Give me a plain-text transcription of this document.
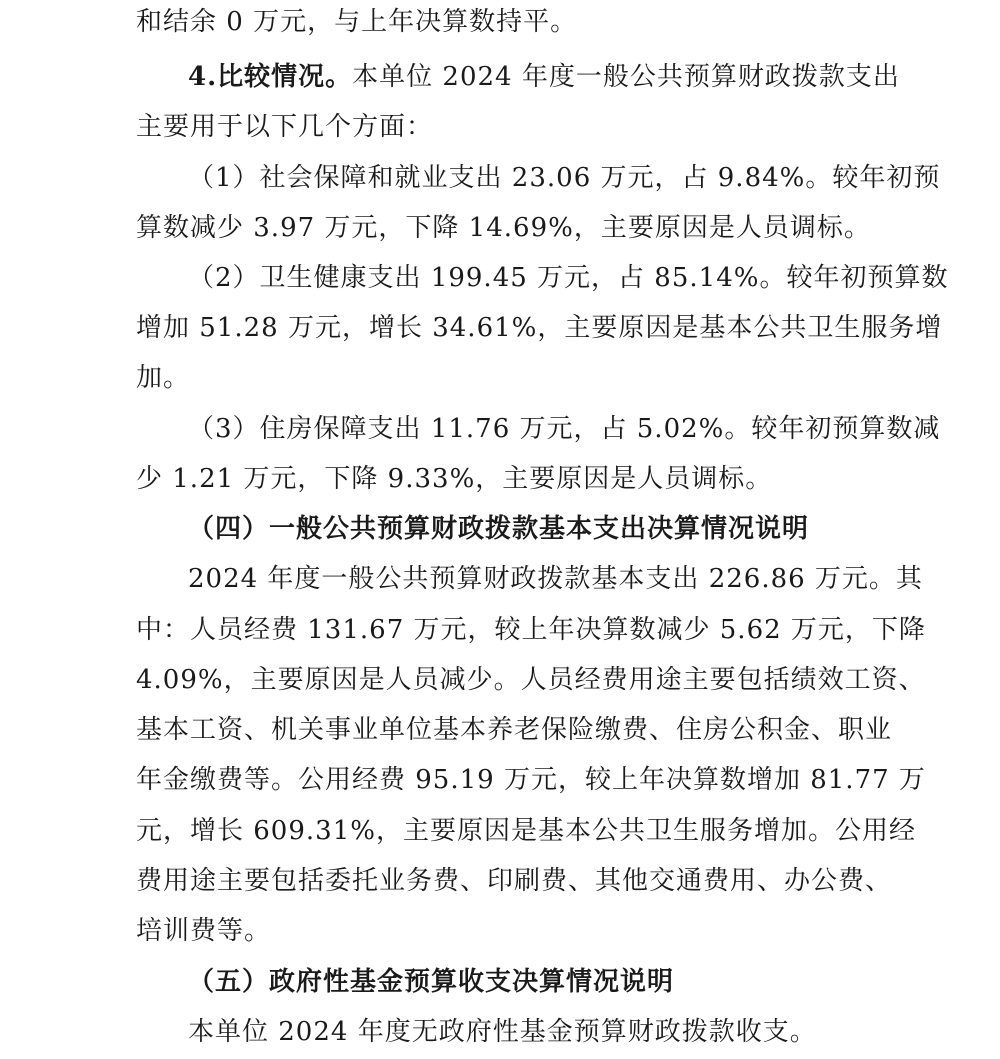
和结余 0 万元，与上年决算数持平。
4.比较情况。本单位 2024 年度一般公共预算财政拨款支出
主要用于以下几个方面：
（1）社会保障和就业支出 23.06 万元，占 9.84%。较年初预
算数减少 3.97 万元，下降 14.69%，主要原因是人员调标。
（2）卫生健康支出 199.45 万元，占 85.14%。较年初预算数
增加 51.28 万元，增长 34.61%，主要原因是基本公共卫生服务增
加。
（3）住房保障支出 11.76 万元，占 5.02%。较年初预算数减
少 1.21 万元，下降 9.33%，主要原因是人员调标。
（四）一般公共预算财政拨款基本支出决算情况说明
2024 年度一般公共预算财政拨款基本支出 226.86 万元。其
中：人员经费 131.67 万元，较上年决算数减少 5.62 万元，下降
4.09%，主要原因是人员减少。人员经费用途主要包括绩效工资、
基本工资、机关事业单位基本养老保险缴费、住房公积金、职业
年金缴费等。公用经费 95.19 万元，较上年决算数增加 81.77 万
元，增长 609.31%，主要原因是基本公共卫生服务增加。公用经
费用途主要包括委托业务费、印刷费、其他交通费用、办公费、
培训费等。
（五）政府性基金预算收支决算情况说明
本单位 2024 年度无政府性基金预算财政拨款收支。
